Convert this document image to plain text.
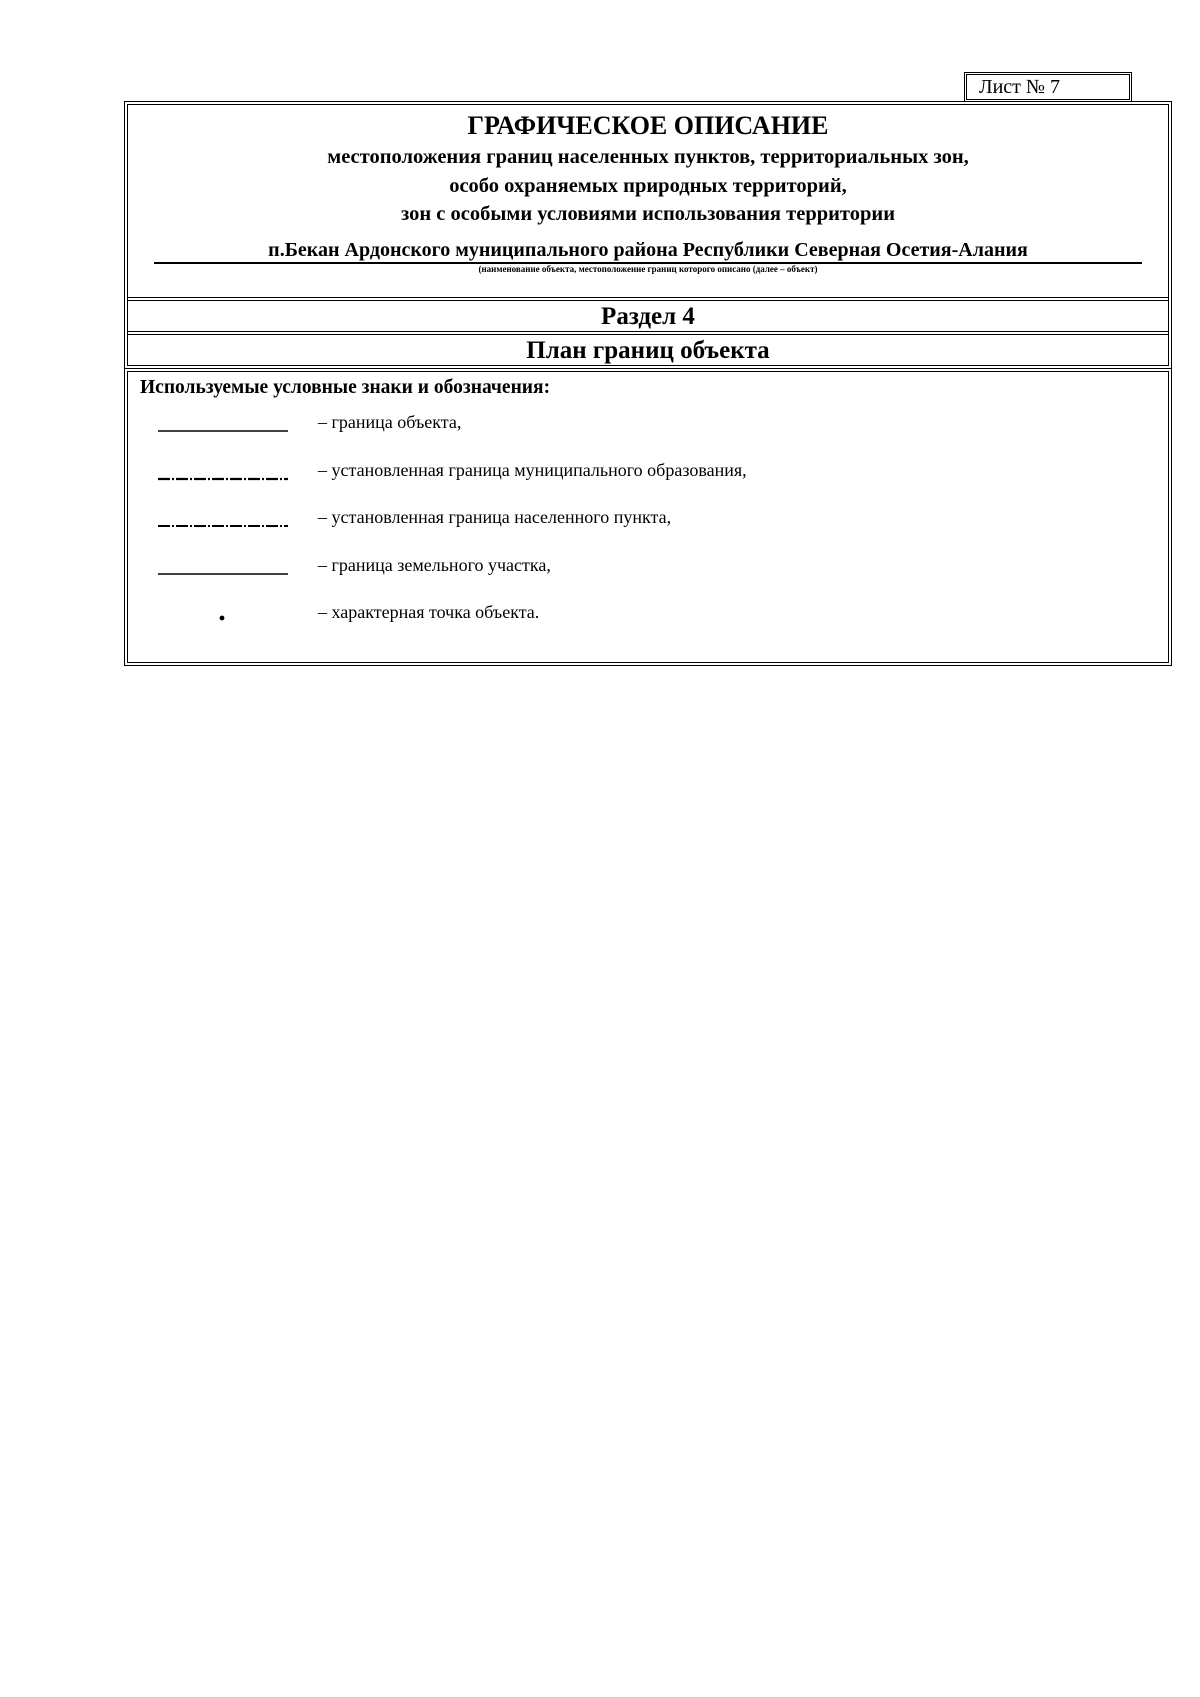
Лист № 7
ГРАФИЧЕСКОЕ ОПИСАНИЕ
местоположения границ населенных пунктов, территориальных зон,
особо охраняемых природных территорий,
зон с особыми условиями использования территории
п.Бекан Ардонского муниципального района Республики Северная Осетия-Алания
(наименование объекта, местоположение границ которого описано (далее – объект)
Раздел 4
План границ объекта
Используемые условные знаки и обозначения:
– граница объекта,
– установленная граница муниципального образования,
– установленная граница населенного пункта,
– граница земельного участка,
– характерная точка объекта.
